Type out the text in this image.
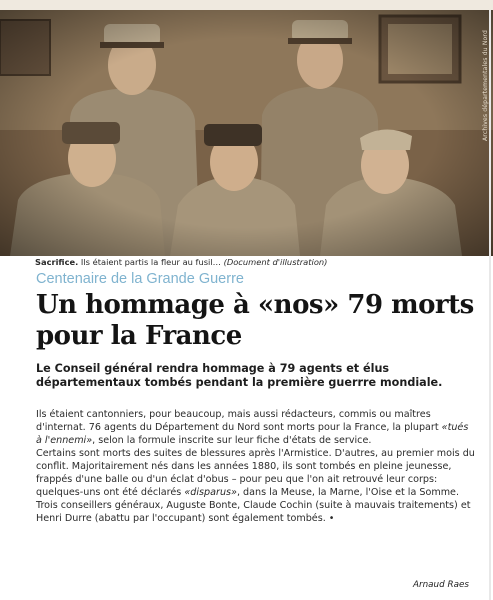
Archives départementales du Nord
Sacrifice. Ils étaient partis la fleur au fusil… (Document d'illustration)
Centenaire de la Grande Guerre
Un hommage à «nos» 79 morts pour la France
Le Conseil général rendra hommage à 79 agents et élus départementaux tombés pendant la première guerrre mondiale.

Ils étaient cantonniers, pour beaucoup, mais aussi rédacteurs, commis ou maîtres d'internat. 76 agents du Département du Nord sont morts pour la France, la plupart «tués à l'ennemi», selon la formule inscrite sur leur fiche d'états de service.

Certains sont morts des suites de blessures après l'Armistice. D'autres, au premier mois du conflit. Majoritairement nés dans les années 1880, ils sont tombés en pleine jeunesse, frappés d'une balle ou d'un éclat d'obus – pour peu que l'on ait retrouvé leur corps: quelques-uns ont été déclarés «disparus», dans la Meuse, la Marne, l'Oise et la Somme.

Trois conseillers généraux, Auguste Bonte, Claude Cochin (suite à mauvais traitements) et Henri Durre (abattu par l'occupant) sont également tombés. •

Arnaud Raes
